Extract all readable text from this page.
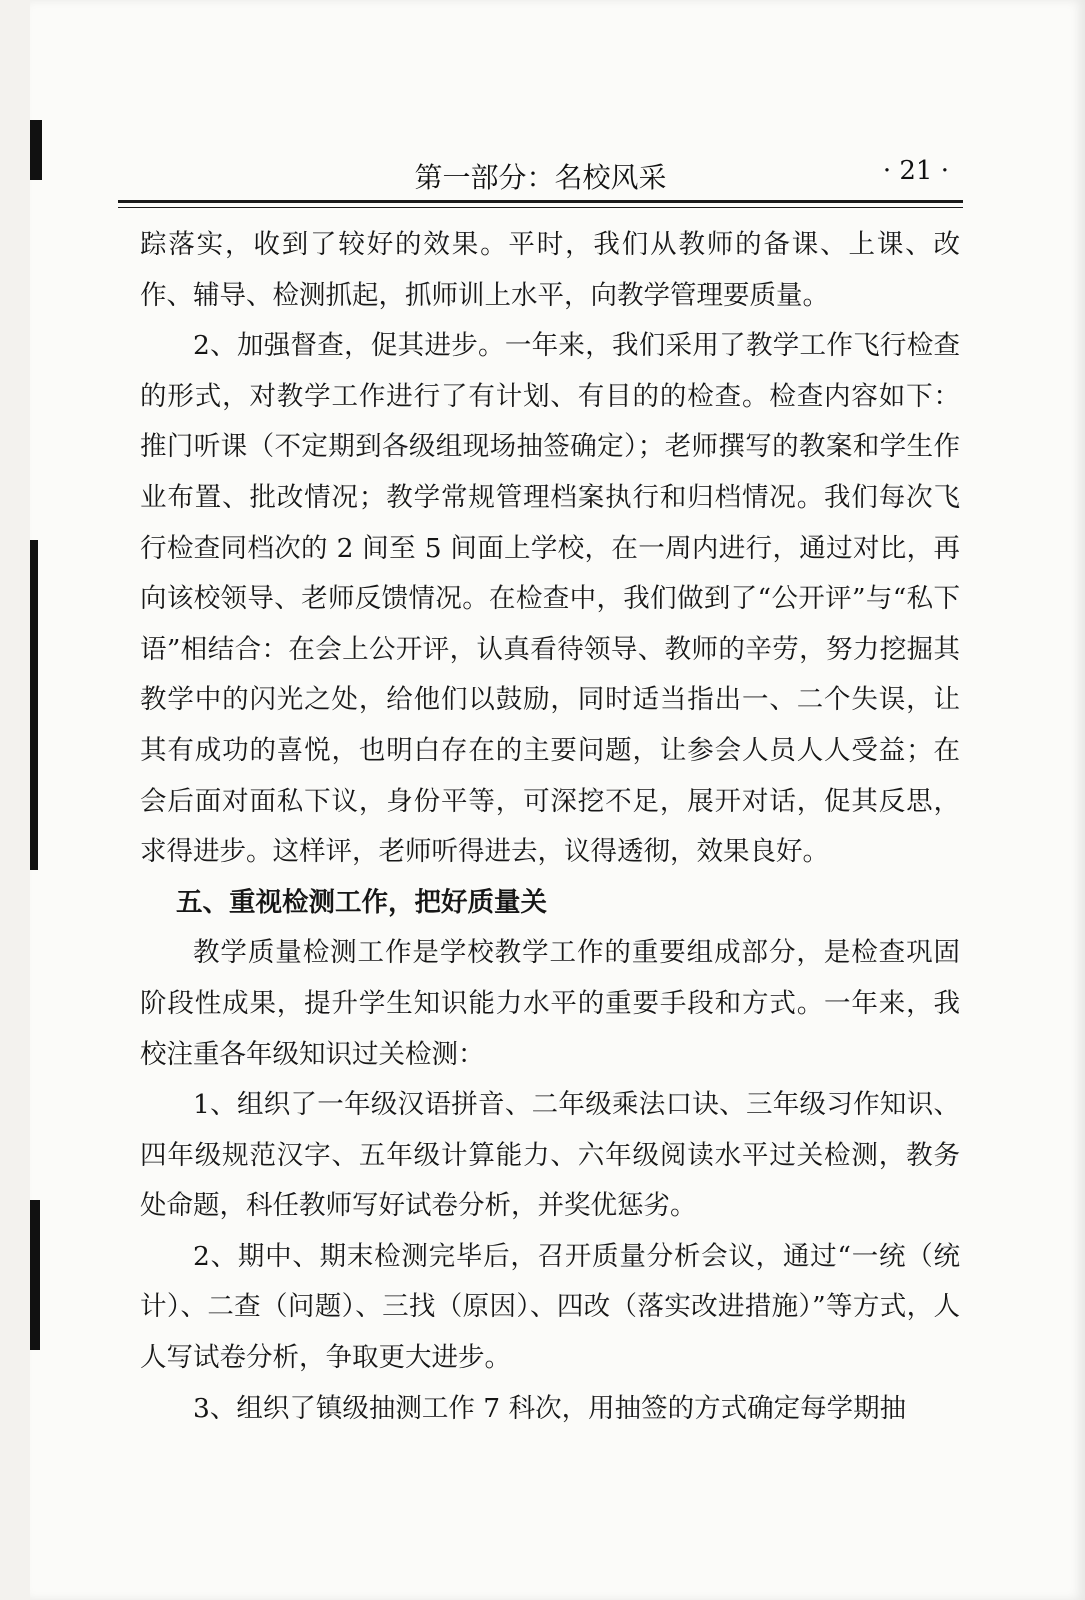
第一部分：名校风采	· 21 ·

踪落实，收到了较好的效果。平时，我们从教师的备课、上课、改作、辅导、检测抓起，抓师训上水平，向教学管理要质量。

2、加强督查，促其进步。一年来，我们采用了教学工作飞行检查的形式，对教学工作进行了有计划、有目的的检查。检查内容如下：推门听课（不定期到各级组现场抽签确定）；老师撰写的教案和学生作业布置、批改情况；教学常规管理档案执行和归档情况。我们每次飞行检查同档次的 2 间至 5 间面上学校，在一周内进行，通过对比，再向该校领导、老师反馈情况。在检查中，我们做到了“公开评”与“私下语”相结合：在会上公开评，认真看待领导、教师的辛劳，努力挖掘其教学中的闪光之处，给他们以鼓励，同时适当指出一、二个失误，让其有成功的喜悦，也明白存在的主要问题，让参会人员人人受益；在会后面对面私下议，身份平等，可深挖不足，展开对话，促其反思，求得进步。这样评，老师听得进去，议得透彻，效果良好。

五、重视检测工作，把好质量关

教学质量检测工作是学校教学工作的重要组成部分，是检查巩固阶段性成果，提升学生知识能力水平的重要手段和方式。一年来，我校注重各年级知识过关检测：

1、组织了一年级汉语拼音、二年级乘法口诀、三年级习作知识、四年级规范汉字、五年级计算能力、六年级阅读水平过关检测，教务处命题，科任教师写好试卷分析，并奖优惩劣。

2、期中、期末检测完毕后，召开质量分析会议，通过“一统（统计）、二查（问题）、三找（原因）、四改（落实改进措施）”等方式，人人写试卷分析，争取更大进步。

3、组织了镇级抽测工作 7 科次，用抽签的方式确定每学期抽
